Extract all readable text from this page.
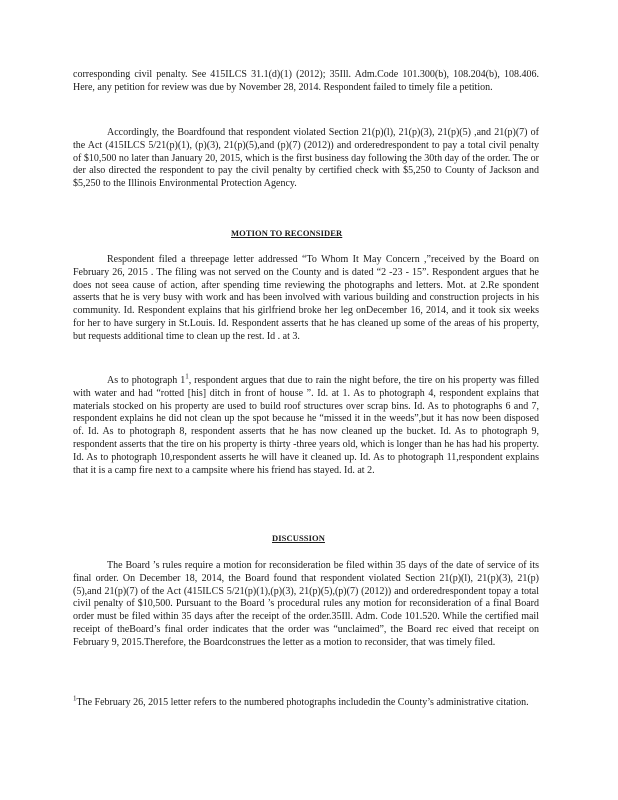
corresponding civil penalty. See 415ILCS 31.1(d)(1) (2012); 35Ill. Adm.Code 101.300(b), 108.204(b), 108.406. Here, any petition for review was due by November 28, 2014. Respondent failed to timely file a petition.

Accordingly, the Boardfound that respondent violated Section 21(p)(l), 21(p)(3), 21(p)(5) ,and 21(p)(7) of the Act (415ILCS 5/21(p)(1), (p)(3), 21(p)(5),and (p)(7) (2012)) and orderedrespondent to pay a total civil penalty of $10,500 no later than January 20, 2015, which is the first business day following the 30th day of the order. The or der also directed the respondent to pay the civil penalty by certified check with $5,250 to County of Jackson and $5,250 to the Illinois Environmental Protection Agency.

MOTION TO RECONSIDER

Respondent filed a threepage letter addressed “To Whom It May Concern ,”received by the Board on February 26, 2015 . The filing was not served on the County and is dated “2 -23 - 15”. Respondent argues that he does not seea cause of action, after spending time reviewing the photographs and letters. Mot. at 2.Re spondent asserts that he is very busy with work and has been involved with various building and construction projects in his community. Id. Respondent explains that his girlfriend broke her leg onDecember 16, 2014, and it took six weeks for her to have surgery in St.Louis. Id. Respondent asserts that he has cleaned up some of the areas of his property, but requests additional time to clean up the rest. Id . at 3.

As to photograph 1$^1$, respondent argues that due to rain the night before, the tire on his property was filled with water and had “rotted [his] ditch in front of house ”. Id. at 1. As to photograph 4, respondent explains that materials stocked on his property are used to build roof structures over scrap bins. Id. As to photographs 6 and 7, respondent explains he did not clean up the spot because he “missed it in the weeds”,but it has now been disposed of. Id. As to photograph 8, respondent asserts that he has now cleaned up the bucket. Id. As to photograph 9, respondent asserts that the tire on his property is thirty -three years old, which is longer than he has had his property. Id. As to photograph 10,respondent asserts he will have it cleaned up. Id. As to photograph 11,respondent explains that it is a camp fire next to a campsite where his friend has stayed. Id. at 2.

DISCUSSION

The Board ’s rules require a motion for reconsideration be filed within 35 days of the date of service of its final order. On December 18, 2014, the Board found that respondent violated Section 21(p)(l), 21(p)(3), 21(p)(5),and 21(p)(7) of the Act (415ILCS 5/21(p)(1),(p)(3), 21(p)(5),(p)(7) (2012)) and orderedrespondent topay a total civil penalty of $10,500. Pursuant to the Board ’s procedural rules any motion for reconsideration of a final Board order must be filed within 35 days after the receipt of the order.35Ill. Adm. Code 101.520. While the certified mail receipt of theBoard’s final order indicates that the order was “unclaimed”, the Board rec eived that receipt on February 9, 2015.Therefore, the Boardconstrues the letter as a motion to reconsider, that was timely filed.

$^1$The February 26, 2015 letter refers to the numbered photographs includedin the County’s administrative citation.
